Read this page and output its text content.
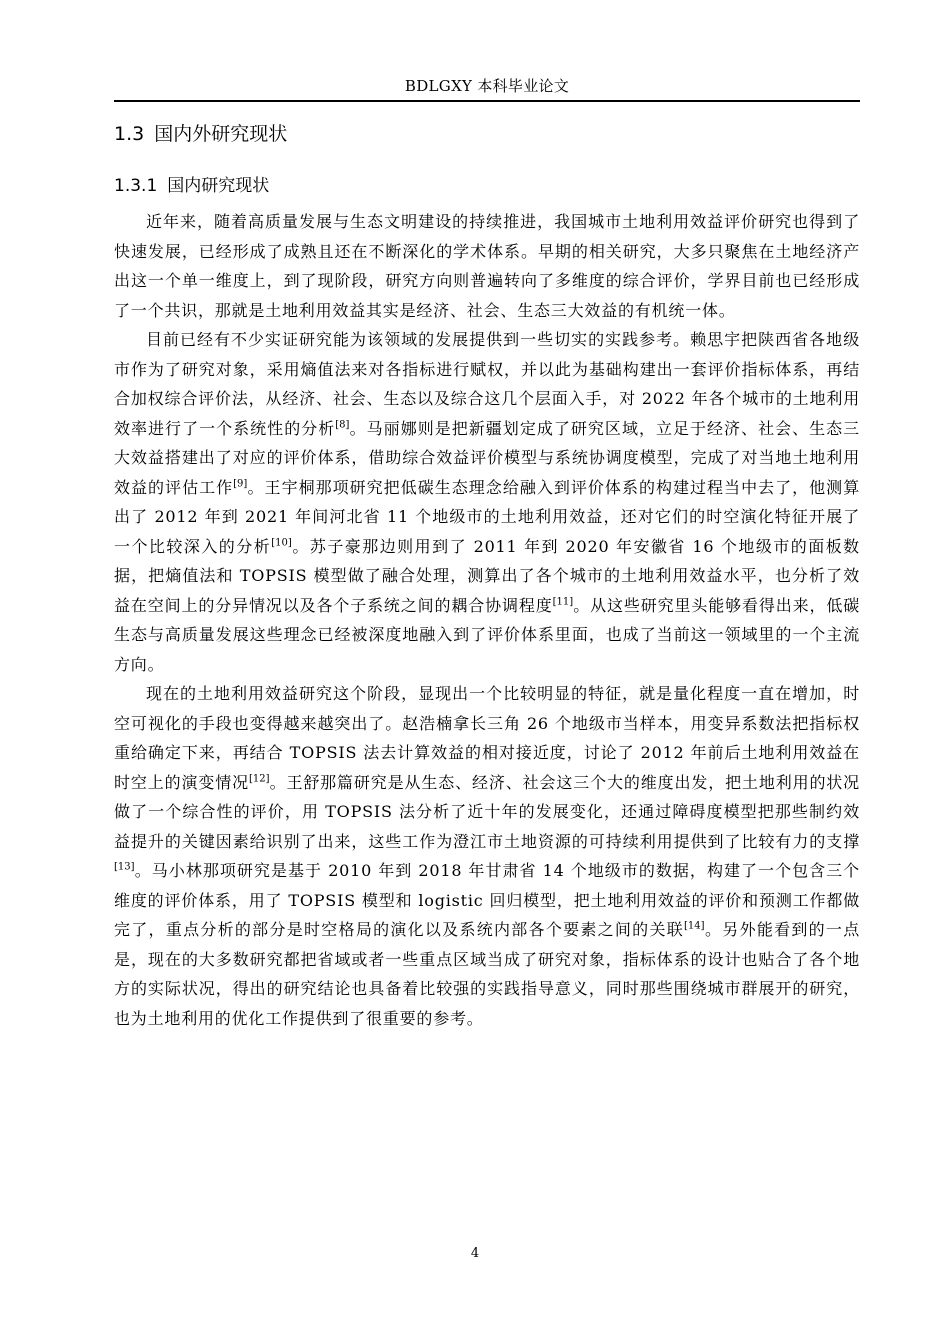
BDLGXY 本科毕业论文
1.3 国内外研究现状
1.3.1 国内研究现状

近年来，随着高质量发展与生态文明建设的持续推进，我国城市土地利用效益评价研究也得到了快速发展，已经形成了成熟且还在不断深化的学术体系。早期的相关研究，大多只聚焦在土地经济产出这一个单一维度上，到了现阶段，研究方向则普遍转向了多维度的综合评价，学界目前也已经形成了一个共识，那就是土地利用效益其实是经济、社会、生态三大效益的有机统一体。

目前已经有不少实证研究能为该领域的发展提供到一些切实的实践参考。赖思宇把陕西省各地级市作为了研究对象，采用熵值法来对各指标进行赋权，并以此为基础构建出一套评价指标体系，再结合加权综合评价法，从经济、社会、生态以及综合这几个层面入手，对 2022 年各个城市的土地利用效率进行了一个系统性的分析[8]。马丽娜则是把新疆划定成了研究区域，立足于经济、社会、生态三大效益搭建出了对应的评价体系，借助综合效益评价模型与系统协调度模型，完成了对当地土地利用效益的评估工作[9]。王宇桐那项研究把低碳生态理念给融入到评价体系的构建过程当中去了，他测算出了 2012 年到 2021 年间河北省 11 个地级市的土地利用效益，还对它们的时空演化特征开展了一个比较深入的分析[10]。苏子豪那边则用到了 2011 年到 2020 年安徽省 16 个地级市的面板数据，把熵值法和 TOPSIS 模型做了融合处理，测算出了各个城市的土地利用效益水平，也分析了效益在空间上的分异情况以及各个子系统之间的耦合协调程度[11]。从这些研究里头能够看得出来，低碳生态与高质量发展这些理念已经被深度地融入到了评价体系里面，也成了当前这一领域里的一个主流方向。

现在的土地利用效益研究这个阶段，显现出一个比较明显的特征，就是量化程度一直在增加，时空可视化的手段也变得越来越突出了。赵浩楠拿长三角 26 个地级市当样本，用变异系数法把指标权重给确定下来，再结合 TOPSIS 法去计算效益的相对接近度，讨论了 2012 年前后土地利用效益在时空上的演变情况[12]。王舒那篇研究是从生态、经济、社会这三个大的维度出发，把土地利用的状况做了一个综合性的评价，用 TOPSIS 法分析了近十年的发展变化，还通过障碍度模型把那些制约效益提升的关键因素给识别了出来，这些工作为澄江市土地资源的可持续利用提供到了比较有力的支撑[13]。马小林那项研究是基于 2010 年到 2018 年甘肃省 14 个地级市的数据，构建了一个包含三个维度的评价体系，用了 TOPSIS 模型和 logistic 回归模型，把土地利用效益的评价和预测工作都做完了，重点分析的部分是时空格局的演化以及系统内部各个要素之间的关联[14]。另外能看到的一点是，现在的大多数研究都把省域或者一些重点区域当成了研究对象，指标体系的设计也贴合了各个地方的实际状况，得出的研究结论也具备着比较强的实践指导意义，同时那些围绕城市群展开的研究，也为土地利用的优化工作提供到了很重要的参考。

4
